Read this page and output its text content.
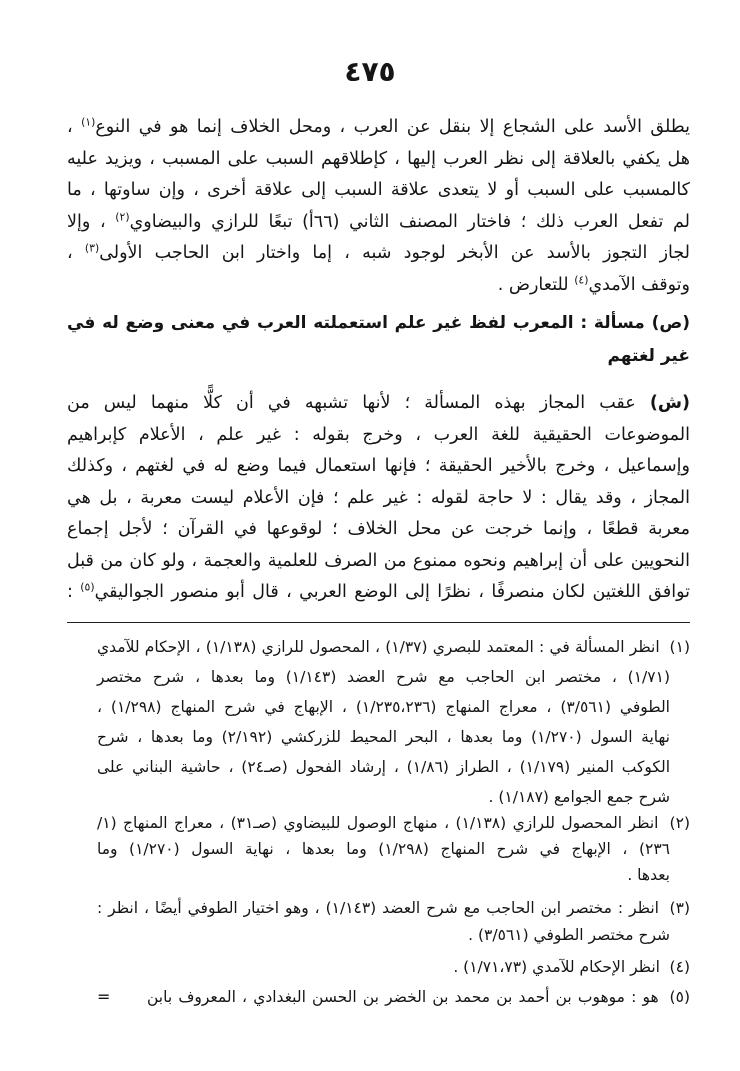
٤٧٥
يطلق الأسد على الشجاع إلا بنقل عن العرب ، ومحل الخلاف إنما هو في النوع$^{(١)}$ ،
هل يكفي بالعلاقة إلى نظر العرب إليها ، كإطلاقهم السبب على المسبب ، ويزيد عليه
كالمسبب على السبب أو لا يتعدى علاقة السبب إلى علاقة أخرى ، وإن ساوتها ، ما
لم تفعل العرب ذلك ؛ فاختار المصنف الثاني (٦٦أ) تبعًا للرازي والبيضاوي$^{(٢)}$ ، وإلا
لجاز التجوز بالأسد عن الأبخر لوجود شبه ، إما واختار ابن الحاجب الأولى$^{(٣)}$ ،
وتوقف الآمدي$^{(٤)}$ للتعارض .
(ص) مسألة : المعرب لفظ غير علم استعملته العرب في معنى وضع له في
غير لغتهم
(ش) عقب المجاز بهذه المسألة ؛ لأنها تشبهه في أن كلًّا منهما ليس من
الموضوعات الحقيقية للغة العرب ، وخرج بقوله : غير علم ، الأعلام كإبراهيم
وإسماعيل ، وخرج بالأخير الحقيقة ؛ فإنها استعمال فيما وضع له في لغتهم ، وكذلك
المجاز ، وقد يقال : لا حاجة لقوله : غير علم ؛ فإن الأعلام ليست معربة ، بل هي
معربة قطعًا ، وإنما خرجت عن محل الخلاف ؛ لوقوعها في القرآن ؛ لأجل إجماع
النحويين على أن إبراهيم ونحوه ممنوع من الصرف للعلمية والعجمة ، ولو كان من قبل
توافق اللغتين لكان منصرفًا ، نظرًا إلى الوضع العربي ، قال أبو منصور الجواليقي$^{(٥)}$ :
(١) انظر المسألة في : المعتمد للبصري (١/٣٧) ، المحصول للرازي (١/١٣٨) ، الإحكام للآمدي
(١/٧١) ، مختصر ابن الحاجب مع شرح العضد (١/١٤٣) وما بعدها ، شرح مختصر
الطوفي (٣/٥٦١) ، معراج المنهاج (١/٢٣٥،٢٣٦) ، الإبهاج في شرح المنهاج (١/٢٩٨) ،
نهاية السول (١/٢٧٠) وما بعدها ، البحر المحيط للزركشي (٢/١٩٢) وما بعدها ، شرح
الكوكب المنير (١/١٧٩) ، الطراز (١/٨٦) ، إرشاد الفحول (صـ٢٤) ، حاشية البناني على
شرح جمع الجوامع (١/١٨٧) .
(٢) انظر المحصول للرازي (١/١٣٨) ، منهاج الوصول للبيضاوي (صـ٣١) ، معراج المنهاج (١/
٢٣٦) ، الإبهاج في شرح المنهاج (١/٢٩٨) وما بعدها ، نهاية السول (١/٢٧٠) وما
بعدها .
(٣) انظر : مختصر ابن الحاجب مع شرح العضد (١/١٤٣) ، وهو اختيار الطوفي أيضًا ، انظر :
شرح مختصر الطوفي (٣/٥٦١) .
(٤) انظر الإحكام للآمدي (١/٧١،٧٣) .
(٥) هو : موهوب بن أحمد بن محمد بن الخضر بن الحسن البغدادي ، المعروف بابن
=
